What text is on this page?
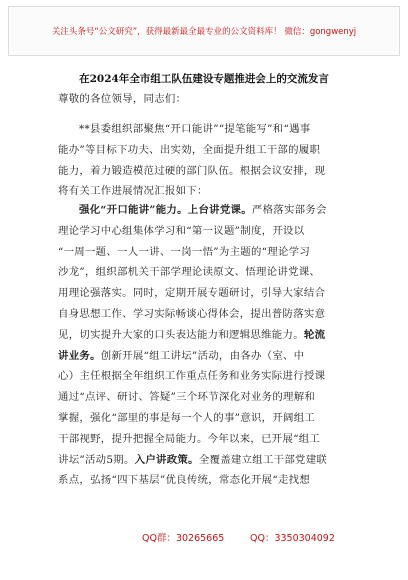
关注头条号“公文研究”，获得最新最全最专业的公文资料库！ 微信：gongwenyj
在2024年全市组工队伍建设专题推进会上的交流发言
尊敬的各位领导，同志们：
**县委组织部聚焦“开口能讲”“提笔能写”和“遇事
能办”等目标下功夫、出实効，全面提升组工干部的履职
能力，着力锻造模范过硬的部门队伍。根据会议安排，现
将有关工作进展情况汇报如下：
强化“开口能讲”能力。上台讲党课。严格落实部务会
理论学习中心组集体学习和“第一议题”制度，开设以
“一周一题、一人一讲、一岗一悟”为主题的“理论学习
沙龙”，组织部机关干部学理论读原文、悟理论讲党课、
用理论强落实。同时，定期开展专题研讨，引导大家结合
自身思想工作、学习实际畅谈心得体会，提出普防落实意
见，切实提升大家的口头表达能力和逻辑思维能力。轮流
讲业务。创新开展“组工讲坛”活动，由各办（室、中
心）主任根据全年组织工作重点任务和业务实际进行授课
通过“点评、研讨、答疑”三个环节深化对业务的理解和
掌握，强化“部里的事是每一个人的事”意识，开阔组工
干部视野，提升把握全局能力。今年以来，已开展“组工
讲坛”活动5期。入户讲政策。全覆盖建立组工干部党建联
系点，弘扬“四下基层”优良传统，常态化开展“走找想
QQ群：30265665	QQ：3350304092
